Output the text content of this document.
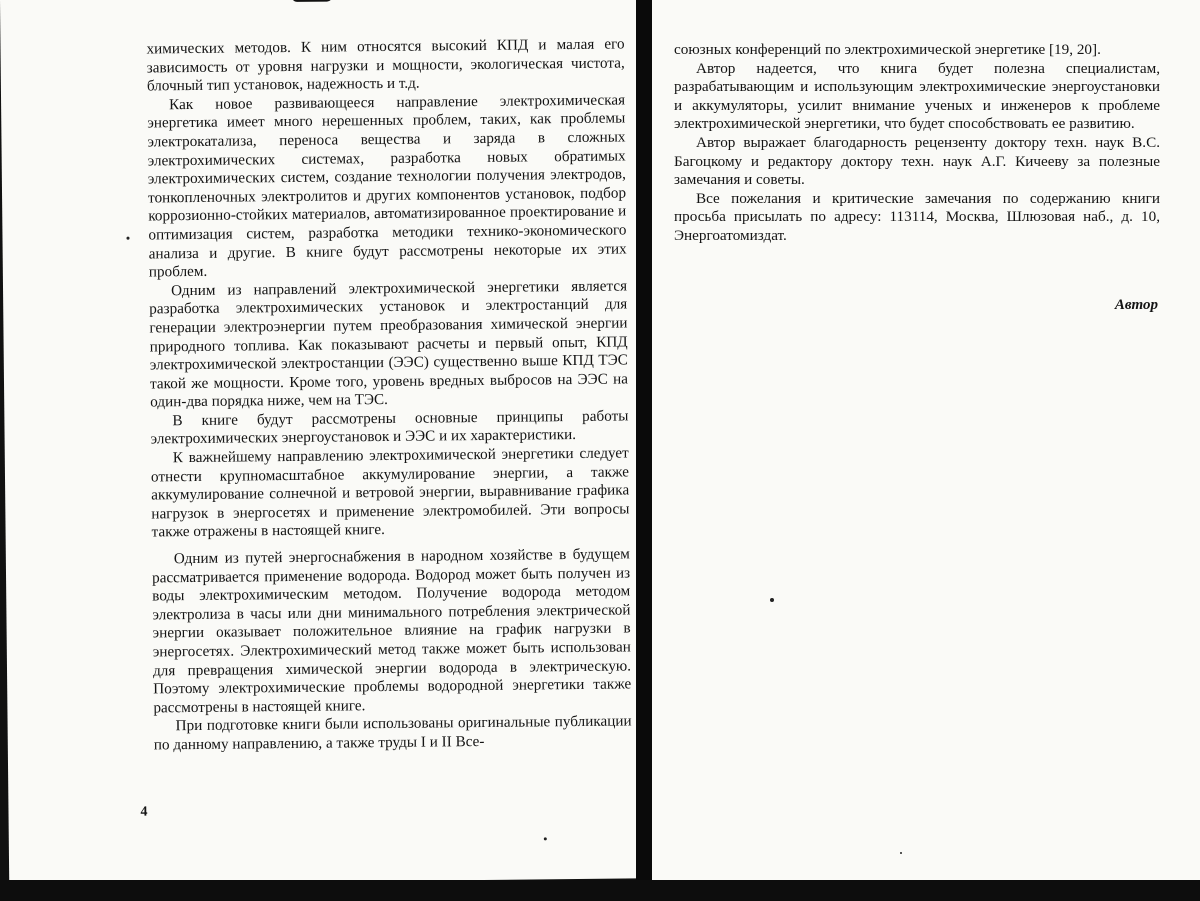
химических методов. К ним относятся высокий КПД и малая его зависимость от уровня нагрузки и мощности, экологическая чистота, блочный тип установок, надежность и т.д.

Как новое развивающееся направление электрохимическая энергетика имеет много нерешенных проблем, таких, как проблемы электрокатализа, переноса вещества и заряда в сложных электрохимических системах, разработка новых обратимых электрохимических систем, создание технологии получения электродов, тонкопленочных электролитов и других компонентов установок, подбор коррозионно-стойких материалов, автоматизированное проектирование и оптимизация систем, разработка методики технико-экономического анализа и другие. В книге будут рассмотрены некоторые их этих проблем.

Одним из направлений электрохимической энергетики является разработка электрохимических установок и электростанций для генерации электроэнергии путем преобразования химической энергии природного топлива. Как показывают расчеты и первый опыт, КПД электрохимической электростанции (ЭЭС) существенно выше КПД ТЭС такой же мощности. Кроме того, уровень вредных выбросов на ЭЭС на один-два порядка ниже, чем на ТЭС.

В книге будут рассмотрены основные принципы работы электрохимических энергоустановок и ЭЭС и их характеристики.

К важнейшему направлению электрохимической энергетики следует отнести крупномасштабное аккумулирование энергии, а также аккумулирование солнечной и ветровой энергии, выравнивание графика нагрузок в энергосетях и применение электромобилей. Эти вопросы также отражены в настоящей книге.

Одним из путей энергоснабжения в народном хозяйстве в будущем рассматривается применение водорода. Водород может быть получен из воды электрохимическим методом. Получение водорода методом электролиза в часы или дни минимального потребления электрической энергии оказывает положительное влияние на график нагрузки в энергосетях. Электрохимический метод также может быть использован для превращения химической энергии водорода в электрическую. Поэтому электрохимические проблемы водородной энергетики также рассмотрены в настоящей книге.

При подготовке книги были использованы оригинальные публикации по данному направлению, а также труды I и II Все-

4

союзных конференций по электрохимической энергетике [19, 20].

Автор надеется, что книга будет полезна специалистам, разрабатывающим и использующим электрохимические энергоустановки и аккумуляторы, усилит внимание ученых и инженеров к проблеме электрохимической энергетики, что будет способствовать ее развитию.

Автор выражает благодарность рецензенту доктору техн. наук В.С. Багоцкому и редактору доктору техн. наук А.Г. Кичееву за полезные замечания и советы.

Все пожелания и критические замечания по содержанию книги просьба присылать по адресу: 113114, Москва, Шлюзовая наб., д. 10, Энергоатомиздат.

Автор
